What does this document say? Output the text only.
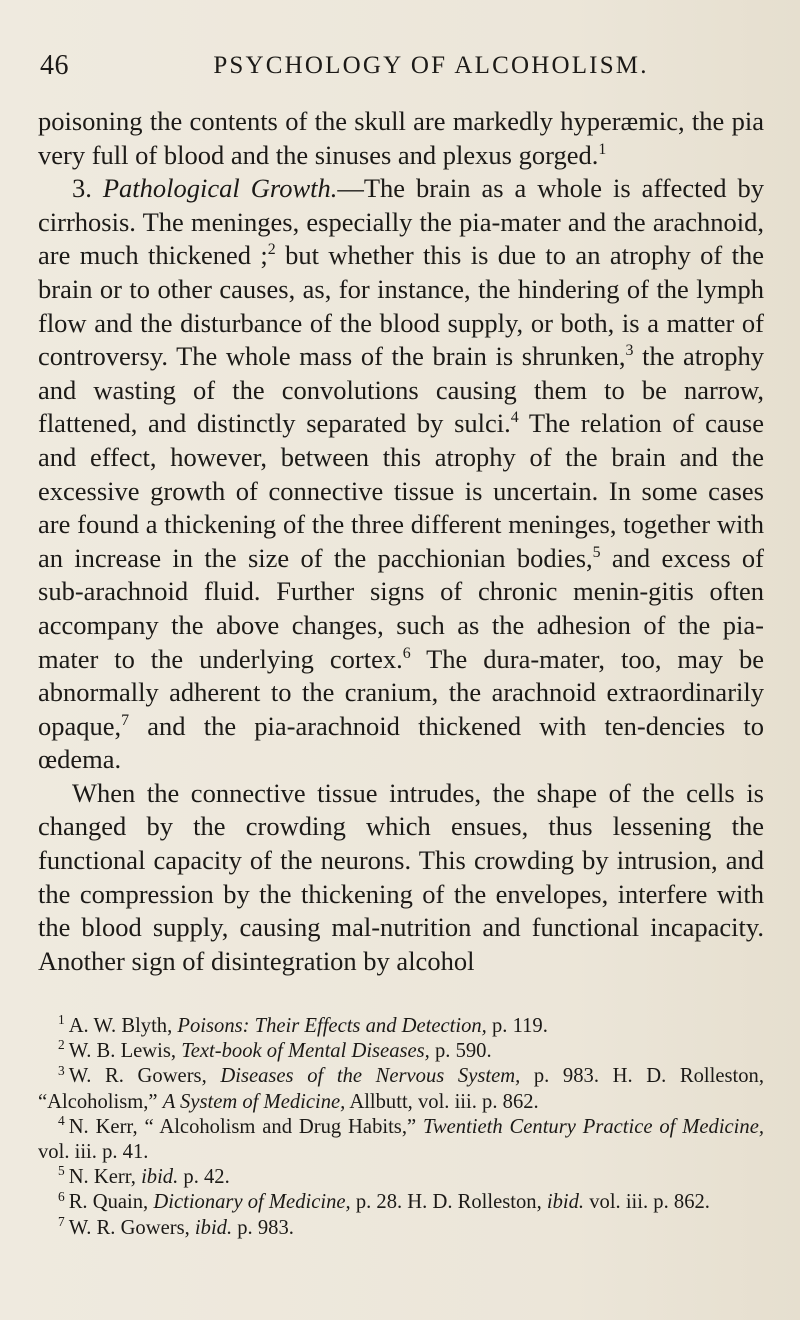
46	PSYCHOLOGY OF ALCOHOLISM.

poisoning the contents of the skull are markedly hyperæmic, the pia very full of blood and the sinuses and plexus gorged.$^1$

3. Pathological Growth.—The brain as a whole is affected by cirrhosis. The meninges, especially the pia-mater and the arachnoid, are much thickened ;$^2$ but whether this is due to an atrophy of the brain or to other causes, as, for instance, the hindering of the lymph flow and the disturbance of the blood supply, or both, is a matter of controversy. The whole mass of the brain is shrunken,$^3$ the atrophy and wasting of the convolutions causing them to be narrow, flattened, and distinctly separated by sulci.$^4$ The relation of cause and effect, however, between this atrophy of the brain and the excessive growth of connective tissue is uncertain. In some cases are found a thickening of the three different meninges, together with an increase in the size of the pacchionian bodies,$^5$ and excess of sub-arachnoid fluid. Further signs of chronic menin-gitis often accompany the above changes, such as the adhesion of the pia-mater to the underlying cortex.$^6$ The dura-mater, too, may be abnormally adherent to the cranium, the arachnoid extraordinarily opaque,$^7$ and the pia-arachnoid thickened with ten-dencies to œdema.

When the connective tissue intrudes, the shape of the cells is changed by the crowding which ensues, thus lessening the functional capacity of the neurons. This crowding by intrusion, and the compression by the thickening of the envelopes, interfere with the blood supply, causing mal-nutrition and functional incapacity. Another sign of disintegration by alcohol

$^1$ A. W. Blyth, Poisons: Their Effects and Detection, p. 119.

$^2$ W. B. Lewis, Text-book of Mental Diseases, p. 590.

$^3$ W. R. Gowers, Diseases of the Nervous System, p. 983. H. D. Rolleston, “Alcoholism,” A System of Medicine, Allbutt, vol. iii. p. 862.

$^4$ N. Kerr, “ Alcoholism and Drug Habits,” Twentieth Century Practice of Medicine, vol. iii. p. 41.

$^5$ N. Kerr, ibid. p. 42.

$^6$ R. Quain, Dictionary of Medicine, p. 28. H. D. Rolleston, ibid. vol. iii. p. 862.

$^7$ W. R. Gowers, ibid. p. 983.
